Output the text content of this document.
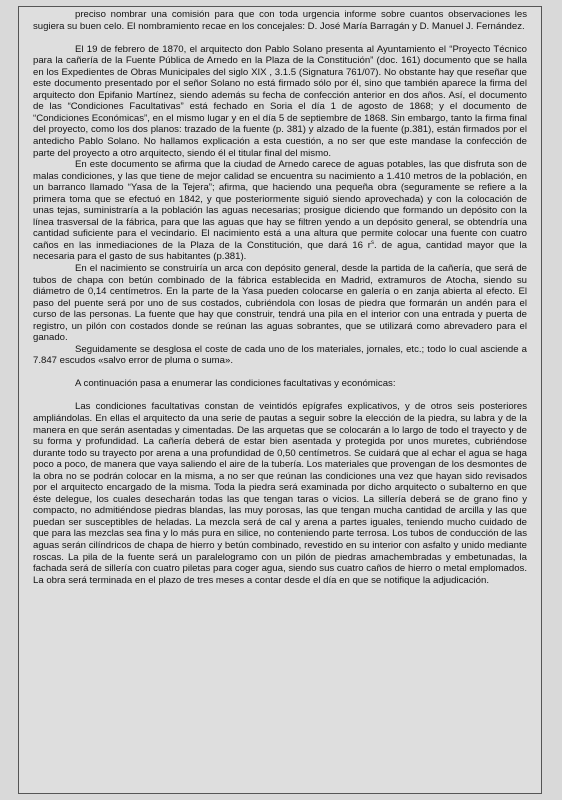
preciso nombrar una comisión para que con toda urgencia informe sobre cuantos observaciones les sugiera su buen celo. El nombramiento recae en los concejales: D. José María Barragán y D. Manuel J. Fernández.

El 19 de febrero de 1870, el arquitecto don Pablo Solano presenta al Ayuntamiento el “Proyecto Técnico para la cañería de la Fuente Pública de Arnedo en la Plaza de la Constitución” (doc. 161) documento que se halla en los Expedientes de Obras Municipales del siglo XIX , 3.1.5 (Signatura 761/07). No obstante hay que reseñar que este documento presentado por el señor Solano no está firmado sólo por él, sino que también aparece la firma del arquitecto don Epifanio Martínez, siendo además su fecha de confección anterior en dos años. Así, el documento de las “Condiciones Facultativas” está fechado en Soria el día 1 de agosto de 1868; y el documento de “Condiciones Económicas”, en el mismo lugar y en el día 5 de septiembre de 1868. Sin embargo, tanto la firma final del proyecto, como los dos planos: trazado de la fuente (p. 381) y alzado de la fuente (p.381), están firmados por el antedicho Pablo Solano. No hallamos explicación a esta cuestión, a no ser que este mandase la confección de parte del proyecto a otro arquitecto, siendo él el titular final del mismo.

En este documento se afirma que la ciudad de Arnedo carece de aguas potables, las que disfruta son de malas condiciones, y las que tiene de mejor calidad se encuentra su nacimiento a 1.410 metros de la población, en un barranco llamado “Yasa de la Tejera”; afirma, que haciendo una pequeña obra (seguramente se refiere a la primera toma que se efectuó en 1842, y que posteriormente siguió siendo aprovechada) y con la colocación de unas tejas, suministraría a la población las aguas necesarias; prosigue diciendo que formando un depósito con la línea trasversal de la fábrica, para que las aguas que hay se filtren yendo a un depósito general, se obtendría una cantidad suficiente para el vecindario. El nacimiento está a una altura que permite colocar una fuente con cuatro caños en las inmediaciones de la Plaza de la Constitución, que dará 16 $r^s$. de agua, cantidad mayor que la necesaria para el gasto de sus habitantes (p.381).

En el nacimiento se construiría un arca con depósito general, desde la partida de la cañería, que será de tubos de chapa con betún combinado de la fábrica establecida en Madrid, extramuros de Atocha, siendo su diámetro de 0,14 centímetros. En la parte de la Yasa pueden colocarse en galería o en zanja abierta al efecto. El paso del puente será por uno de sus costados, cubriéndola con losas de piedra que formarán un andén para el curso de las personas. La fuente que hay que construir, tendrá una pila en el interior con una entrada y puerta de registro, un pilón con costados donde se reúnan las aguas sobrantes, que se utilizará como abrevadero para el ganado.

Seguidamente se desglosa el coste de cada uno de los materiales, jornales, etc.; todo lo cual asciende a 7.847 escudos «salvo error de pluma o suma».

A continuación pasa a enumerar las condiciones facultativas y económicas:

Las condiciones facultativas constan de veintidós epígrafes explicativos, y de otros seis posteriores ampliándolas. En ellas el arquitecto da una serie de pautas a seguir sobre la elección de la piedra, su labra y de la manera en que serán asentadas y cimentadas. De las arquetas que se colocarán a lo largo de todo el trayecto y de su forma y profundidad. La cañería deberá de estar bien asentada y protegida por unos muretes, cubriéndose durante todo su trayecto por arena a una profundidad de 0,50 centímetros. Se cuidará que al echar el agua se haga poco a poco, de manera que vaya saliendo el aire de la tubería. Los materiales que provengan de los desmontes de la obra no se podrán colocar en la misma, a no ser que reúnan las condiciones una vez que hayan sido revisados por el arquitecto encargado de la misma. Toda la piedra será examinada por dicho arquitecto o subalterno en que éste delegue, los cuales desecharán todas las que tengan taras o vicios. La sillería deberá se de grano fino y compacto, no admitiéndose piedras blandas, las muy porosas, las que tengan mucha cantidad de arcilla y las que puedan ser susceptibles de heladas. La mezcla será de cal y arena a partes iguales, teniendo mucho cuidado de que para las mezclas sea fina y lo más pura en silice, no conteniendo parte terrosa. Los tubos de conducción de las aguas serán cilíndricos de chapa de hierro y betún combinado, revestido en su interior con asfalto y unido mediante roscas. La pila de la fuente será un paralelogramo con un pilón de piedras amachembradas y embetunadas, la fachada será de sillería con cuatro piletas para coger agua, siendo sus cuatro caños de hierro o metal emplomados. La obra será terminada en el plazo de tres meses a contar desde el día en que se notifique la adjudicación.
